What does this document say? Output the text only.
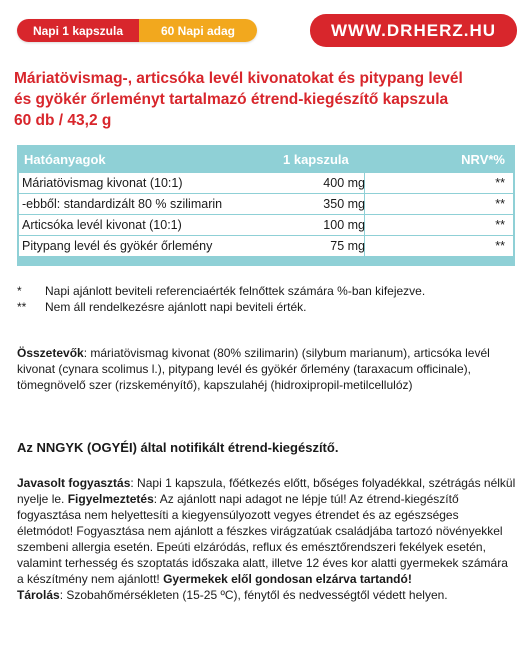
Napi 1 kapszula	60 Napi adag	WWW.DRHERZ.HU
Máriatövismag-, articsóka levél kivonatokat és pitypang levél
és gyökér őrleményt tartalmazó étrend-kiegészítő kapszula
60 db / 43,2 g
Hatóanyagok	1 kapszula	NRV*%
Máriatövismag kivonat (10:1)	400 mg	**
-ebből: standardizált 80 % szilimarin	350 mg	**
Articsóka levél kivonat (10:1)	100 mg	**
Pitypang levél és gyökér őrlemény	75 mg	**
*	Napi ajánlott beviteli referenciaérték felnőttek számára %-ban kifejezve.
**	Nem áll rendelkezésre ajánlott napi beviteli érték.
Összetevők: máriatövismag kivonat (80% szilimarin) (silybum marianum), articsóka levél kivonat (cynara scolimus l.), pitypang levél és gyökér őrlemény (taraxacum officinale), tömegnövelő szer (rizskeményítő), kapszulahéj (hidroxipropil-metilcellulóz)
Az NNGYK (OGYÉI) által notifikált étrend-kiegészítő.
Javasolt fogyasztás: Napi 1 kapszula, főétkezés előtt, bőséges folyadékkal, szétrágás nélkül nyelje le. Figyelmeztetés: Az ajánlott napi adagot ne lépje túl! Az étrend-kiegészítő fogyasztása nem helyettesíti a kiegyensúlyozott vegyes étrendet és az egészséges életmódot! Fogyasztása nem ajánlott a fészkes virágzatúak családjába tartozó növényekkel szembeni allergia esetén. Epeúti elzáródás, reflux és emésztőrendszeri fekélyek esetén, valamint terhesség és szoptatás időszaka alatt, illetve 12 éves kor alatti gyermekek számára a készítmény nem ajánlott! Gyermekek elől gondosan elzárva tartandó!
Tárolás: Szobahőmérsékleten (15-25 ºC), fénytől és nedvességtől védett helyen.
